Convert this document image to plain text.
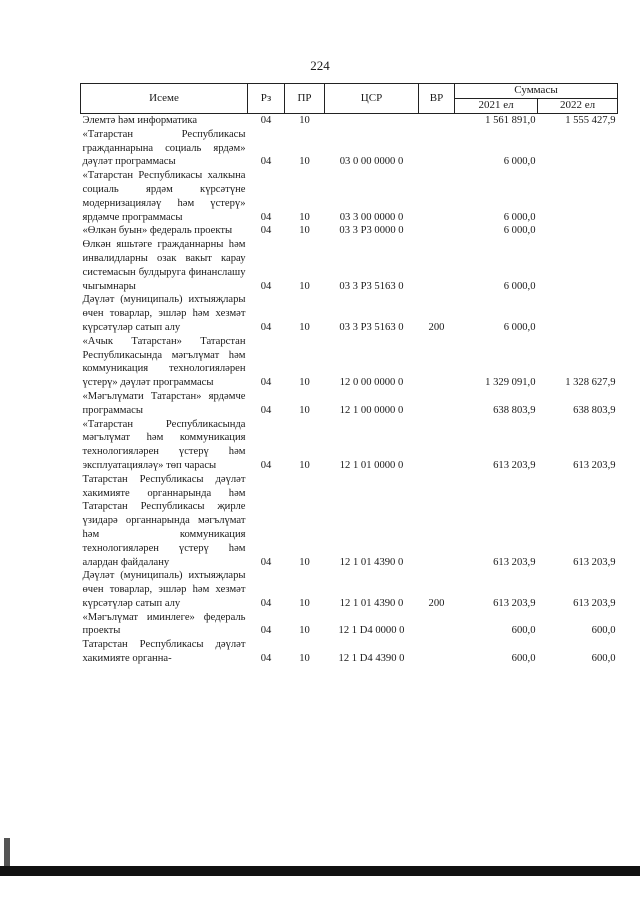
224
Исеме	Рз	ПР	ЦСР	ВР	Суммасы	
					2021 ел	2022 ел
Элемтә һәм информатика	04	10			1 561 891,0	1 555 427,9
«Татарстан Республикасы гражданнарына социаль ярдәм» дәүләт программасы	04	10	03 0 00 0000 0		6 000,0	
«Татарстан Республикасы халкына социаль ярдәм күрсәтүне модернизацияләү һәм үстерү» ярдәмче программасы	04	10	03 3 00 0000 0		6 000,0	
«Өлкән буын» федераль проекты	04	10	03 3 P3 0000 0		6 000,0	
Өлкән яшьтәге гражданнарны һәм инвалидларны озак вакыт карау системасын булдыруга финанслашу чыгымнары	04	10	03 3 P3 5163 0		6 000,0	
Дәүләт (муниципаль) ихтыяҗлары өчен товарлар, эшләр һәм хезмәт күрсәтүләр сатып алу	04	10	03 3 P3 5163 0	200	6 000,0	
«Ачык Татарстан» Татарстан Республикасында мәгълүмат һәм коммуникация технологияләрен үстерү» дәүләт программасы	04	10	12 0 00 0000 0		1 329 091,0	1 328 627,9
«Мәгълүмати Татарстан» ярдәмче программасы	04	10	12 1 00 0000 0		638 803,9	638 803,9
«Татарстан Республикасында мәгълүмат һәм коммуникация технологияләрен үстерү һәм эксплуатацияләү» төп чарасы	04	10	12 1 01 0000 0		613 203,9	613 203,9
Татарстан Республикасы дәүләт хакимияте органнарында һәм Татарстан Республикасы җирле үзидарә органнарында мәгълүмат һәм коммуникация технологияләрен үстерү һәм алардан файдалану	04	10	12 1 01 4390 0		613 203,9	613 203,9
Дәүләт (муниципаль) ихтыяҗлары өчен товарлар, эшләр һәм хезмәт күрсәтүләр сатып алу	04	10	12 1 01 4390 0	200	613 203,9	613 203,9
«Мәгълүмат иминлеге» федераль проекты	04	10	12 1 D4 0000 0		600,0	600,0
Татарстан Республикасы дәүләт хакимияте органна-	04	10	12 1 D4 4390 0		600,0	600,0
